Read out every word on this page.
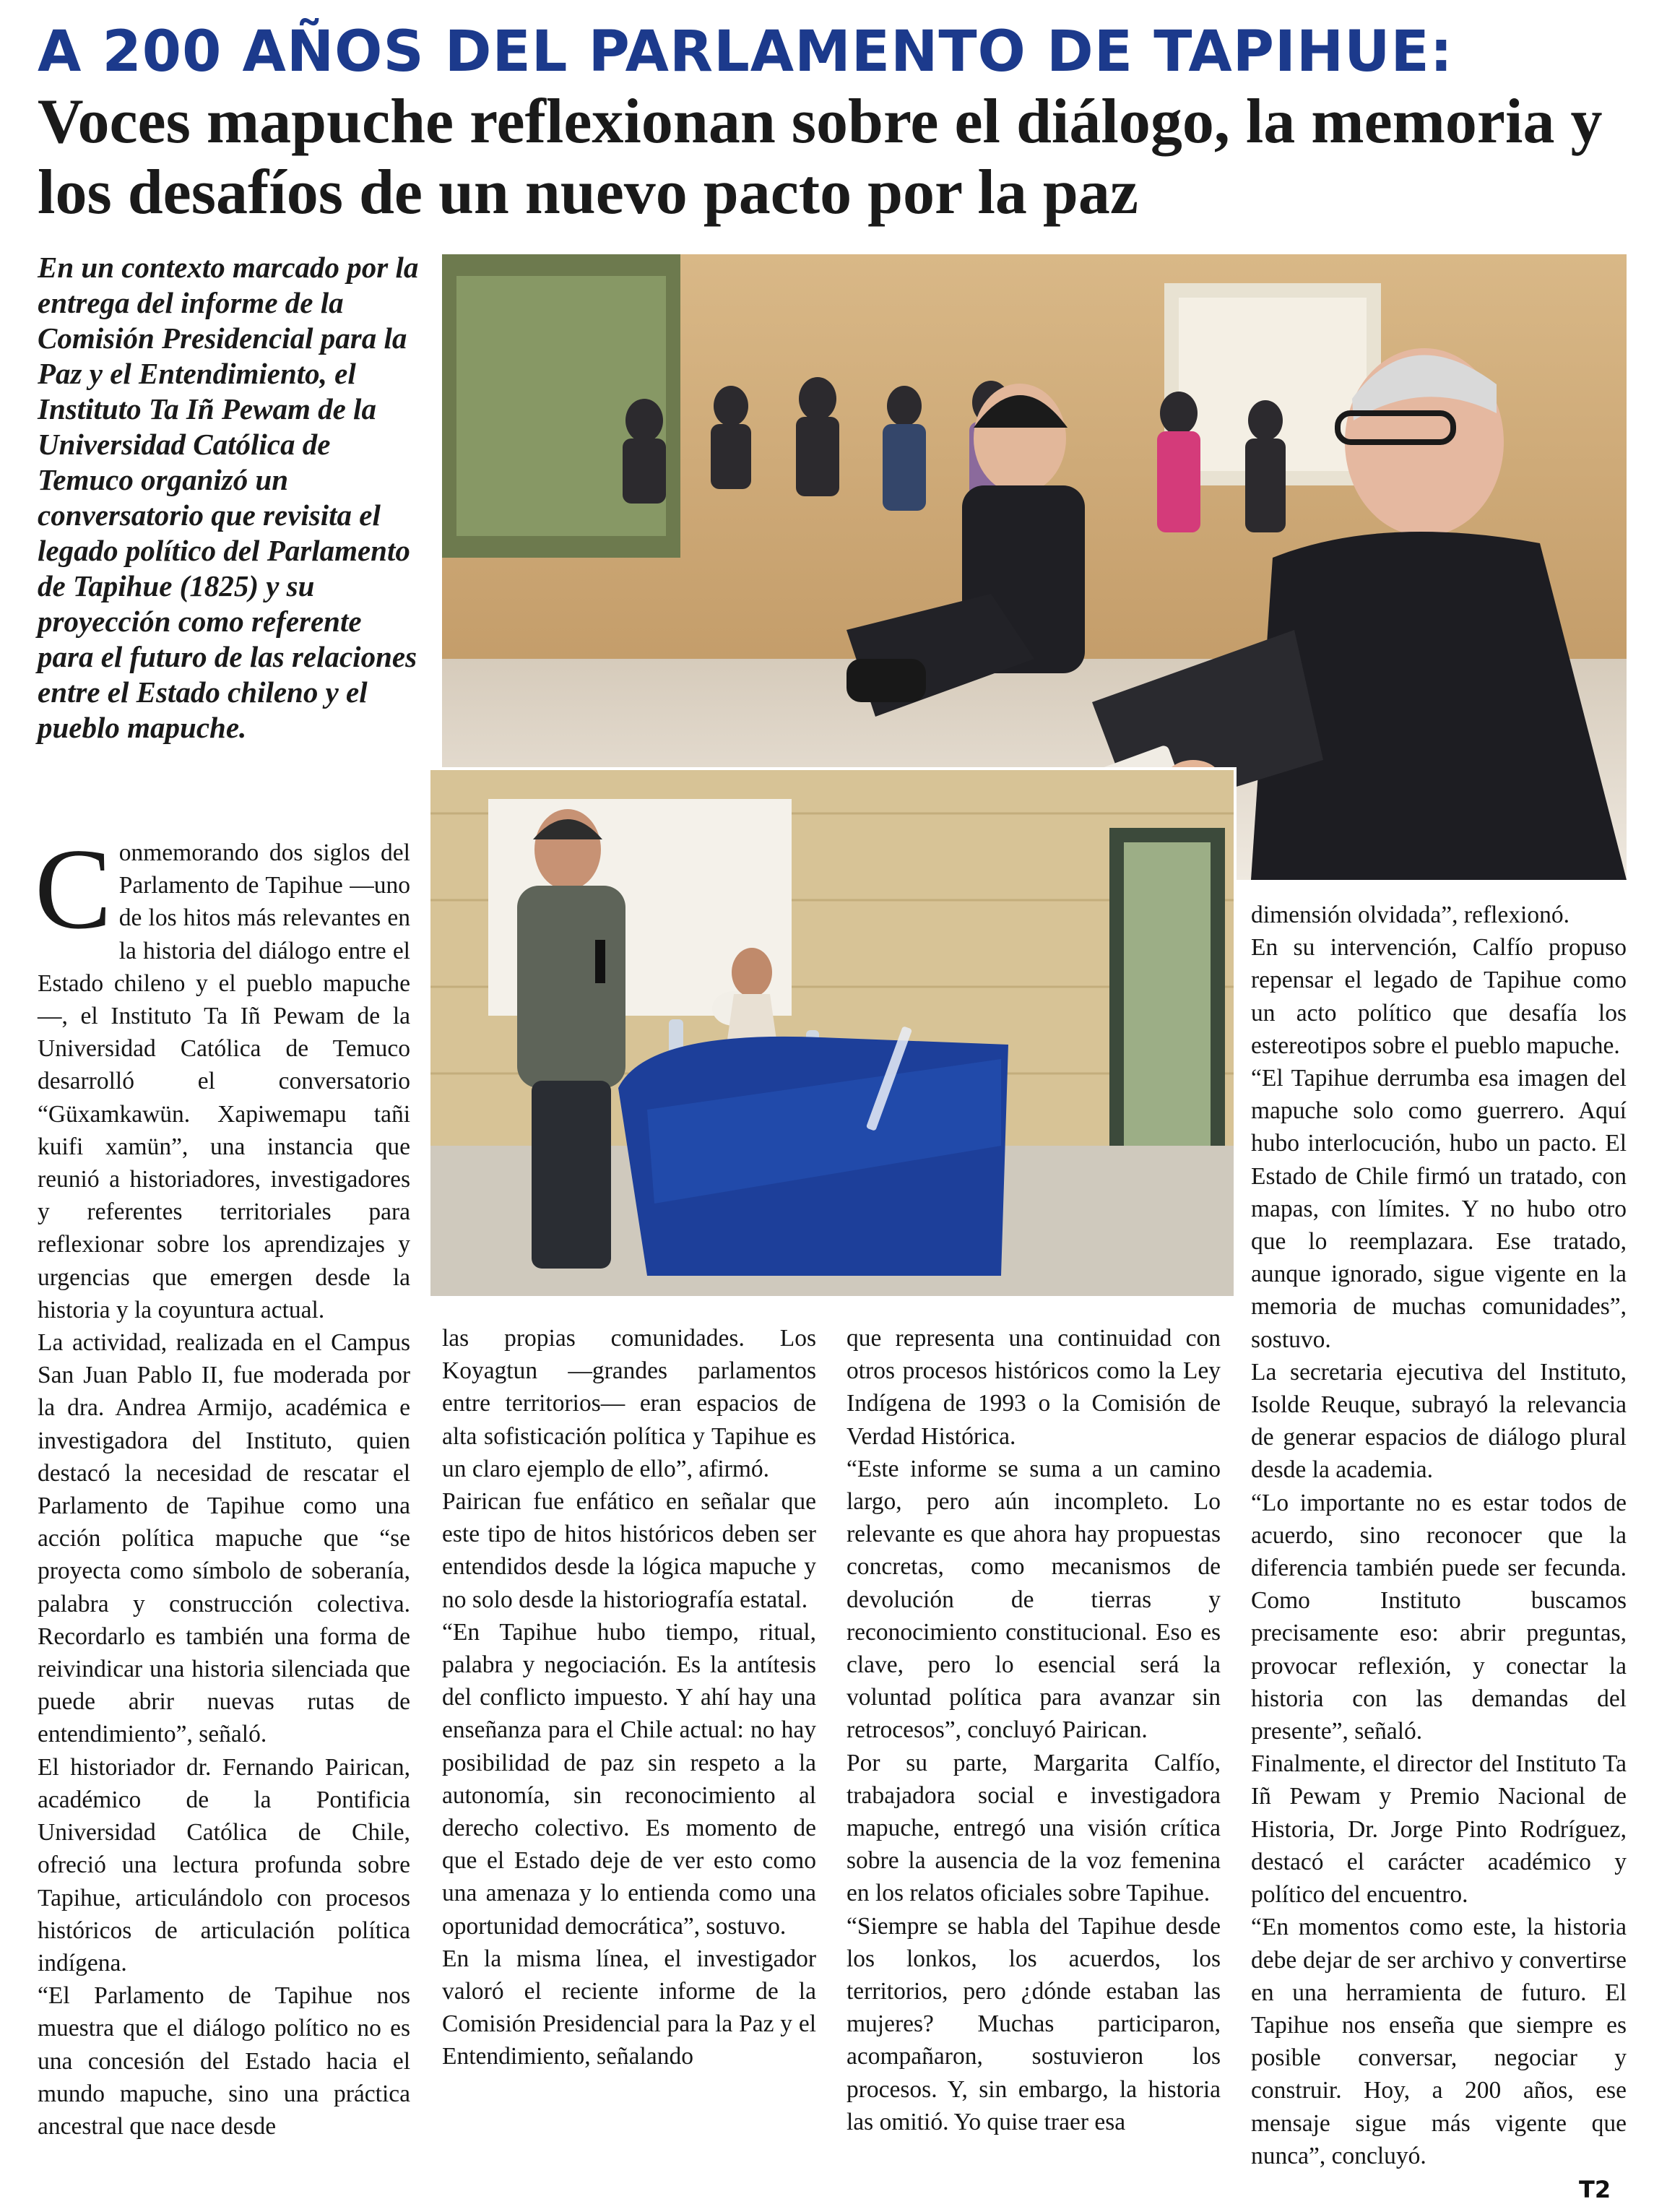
A 200 AÑOS DEL PARLAMENTO DE TAPIHUE:
Voces mapuche reflexionan sobre el diálogo, la memoria y los desafíos de un nuevo pacto por la paz

En un contexto marcado por la entrega del informe de la Comisión Presidencial para la Paz y el Entendimiento, el Instituto Ta Iñ Pewam de la Universidad Católica de Temuco organizó un conversatorio que revisita el legado político del Parlamento de Tapihue (1825) y su proyección como referente para el futuro de las relaciones entre el Estado chileno y el pueblo mapuche.

Conmemorando dos siglos del Parlamento de Tapihue —uno de los hitos más relevantes en la historia del diálogo entre el Estado chileno y el pueblo mapuche—, el Instituto Ta Iñ Pewam de la Universidad Católica de Temuco desarrolló el conversatorio “Güxamkawün. Xapiwemapu tañi kuifi xamün”, una instancia que reunió a historiadores, investigadores y referentes territoriales para reflexionar sobre los aprendizajes y urgencias que emergen desde la historia y la coyuntura actual.
La actividad, realizada en el Campus San Juan Pablo II, fue moderada por la dra. Andrea Armijo, académica e investigadora del Instituto, quien destacó la necesidad de rescatar el Parlamento de Tapihue como una acción política mapuche que “se proyecta como símbolo de soberanía, palabra y construcción colectiva. Recordarlo es también una forma de reivindicar una historia silenciada que puede abrir nuevas rutas de entendimiento”, señaló.
El historiador dr. Fernando Pairican, académico de la Pontificia Universidad Católica de Chile, ofreció una lectura profunda sobre Tapihue, articulándolo con procesos históricos de articulación política indígena.
“El Parlamento de Tapihue nos muestra que el diálogo político no es una concesión del Estado hacia el mundo mapuche, sino una práctica ancestral que nace desde

las propias comunidades. Los Koyagtun —grandes parlamentos entre territorios— eran espacios de alta sofisticación política y Tapihue es un claro ejemplo de ello”, afirmó.

Pairican fue enfático en señalar que este tipo de hitos históricos deben ser entendidos desde la lógica mapuche y no solo desde la historiografía estatal.

“En Tapihue hubo tiempo, ritual, palabra y negociación. Es la antítesis del conflicto impuesto. Y ahí hay una enseñanza para el Chile actual: no hay posibilidad de paz sin respeto a la autonomía, sin reconocimiento al derecho colectivo. Es momento de que el Estado deje de ver esto como una amenaza y lo entienda como una oportunidad democrática”, sostuvo.

En la misma línea, el investigador valoró el reciente informe de la Comisión Presidencial para la Paz y el Entendimiento, señalando

que representa una continuidad con otros procesos históricos como la Ley Indígena de 1993 o la Comisión de Verdad Histórica.

“Este informe se suma a un camino largo, pero aún incompleto. Lo relevante es que ahora hay propuestas concretas, como mecanismos de devolución de tierras y reconocimiento constitucional. Eso es clave, pero lo esencial será la voluntad política para avanzar sin retrocesos”, concluyó Pairican.

Por su parte, Margarita Calfío, trabajadora social e investigadora mapuche, entregó una visión crítica sobre la ausencia de la voz femenina en los relatos oficiales sobre Tapihue.

“Siempre se habla del Tapihue desde los lonkos, los acuerdos, los territorios, pero ¿dónde estaban las mujeres? Muchas participaron, acompañaron, sostuvieron los procesos. Y, sin embargo, la historia las omitió. Yo quise traer esa

dimensión olvidada”, reflexionó.

En su intervención, Calfío propuso repensar el legado de Tapihue como un acto político que desafía los estereotipos sobre el pueblo mapuche.

“El Tapihue derrumba esa imagen del mapuche solo como guerrero. Aquí hubo interlocución, hubo un pacto. El Estado de Chile firmó un tratado, con mapas, con límites. Y no hubo otro que lo reemplazara. Ese tratado, aunque ignorado, sigue vigente en la memoria de muchas comunidades”, sostuvo.

La secretaria ejecutiva del Instituto, Isolde Reuque, subrayó la relevancia de generar espacios de diálogo plural desde la academia.

“Lo importante no es estar todos de acuerdo, sino reconocer que la diferencia también puede ser fecunda. Como Instituto buscamos precisamente eso: abrir preguntas, provocar reflexión, y conectar la historia con las demandas del presente”, señaló.

Finalmente, el director del Instituto Ta Iñ Pewam y Premio Nacional de Historia, Dr. Jorge Pinto Rodríguez, destacó el carácter académico y político del encuentro.

“En momentos como este, la historia debe dejar de ser archivo y convertirse en una herramienta de futuro. El Tapihue nos enseña que siempre es posible conversar, negociar y construir. Hoy, a 200 años, ese mensaje sigue más vigente que nunca”, concluyó.

T2
